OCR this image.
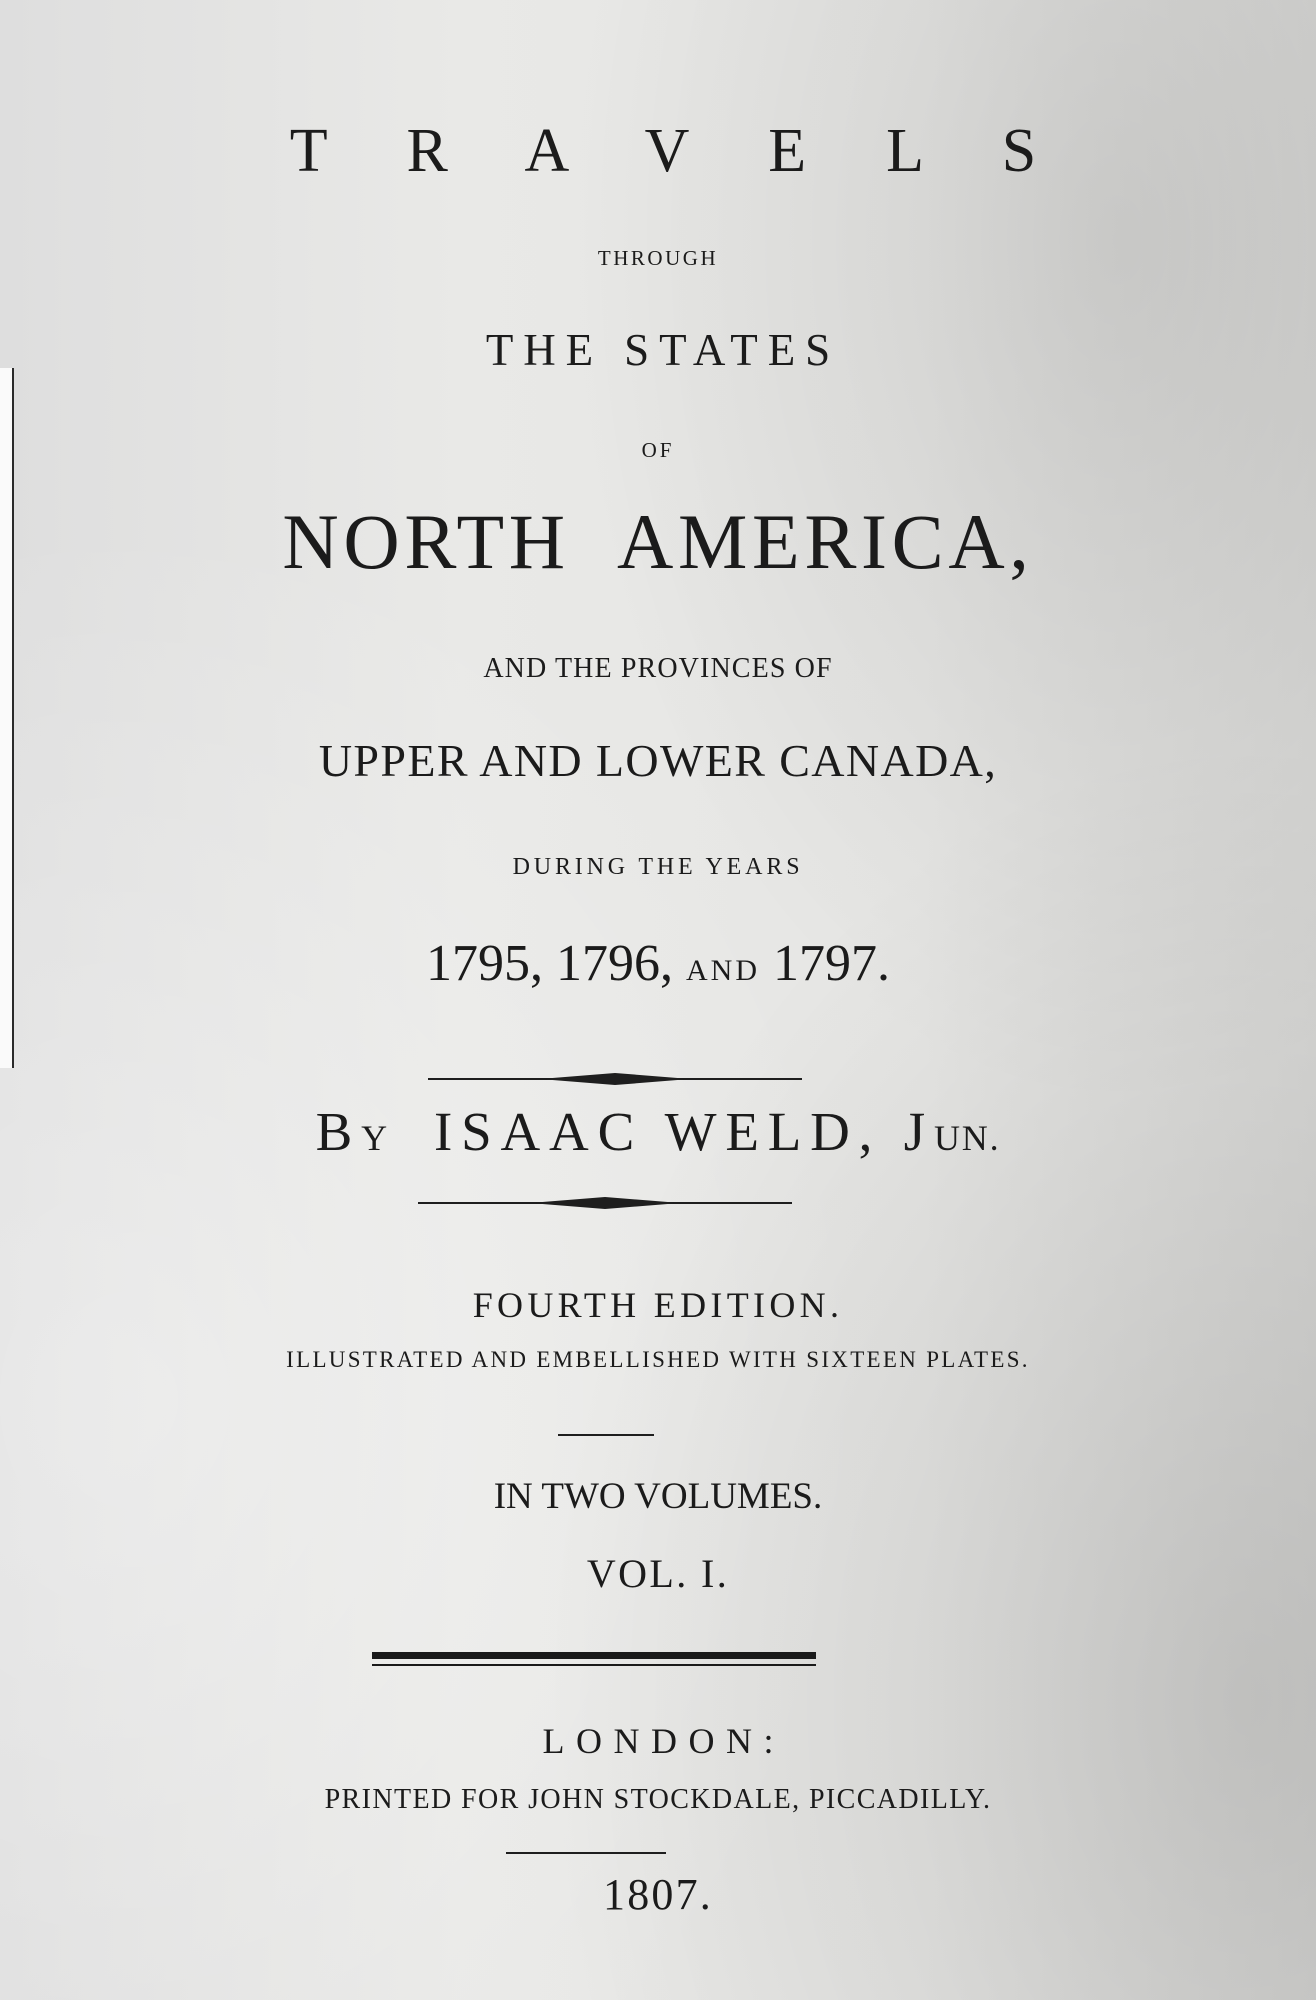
T R A V E L S
THROUGH
THE STATES
OF
NORTH AMERICA,
AND THE PROVINCES OF
UPPER AND LOWER CANADA,
DURING THE YEARS
1795, 1796, AND 1797.
BY ISAAC WELD, JUN.
FOURTH EDITION.
ILLUSTRATED AND EMBELLISHED WITH SIXTEEN PLATES.
IN TWO VOLUMES.
VOL. I.
LONDON:
PRINTED FOR JOHN STOCKDALE, PICCADILLY.
1807.
